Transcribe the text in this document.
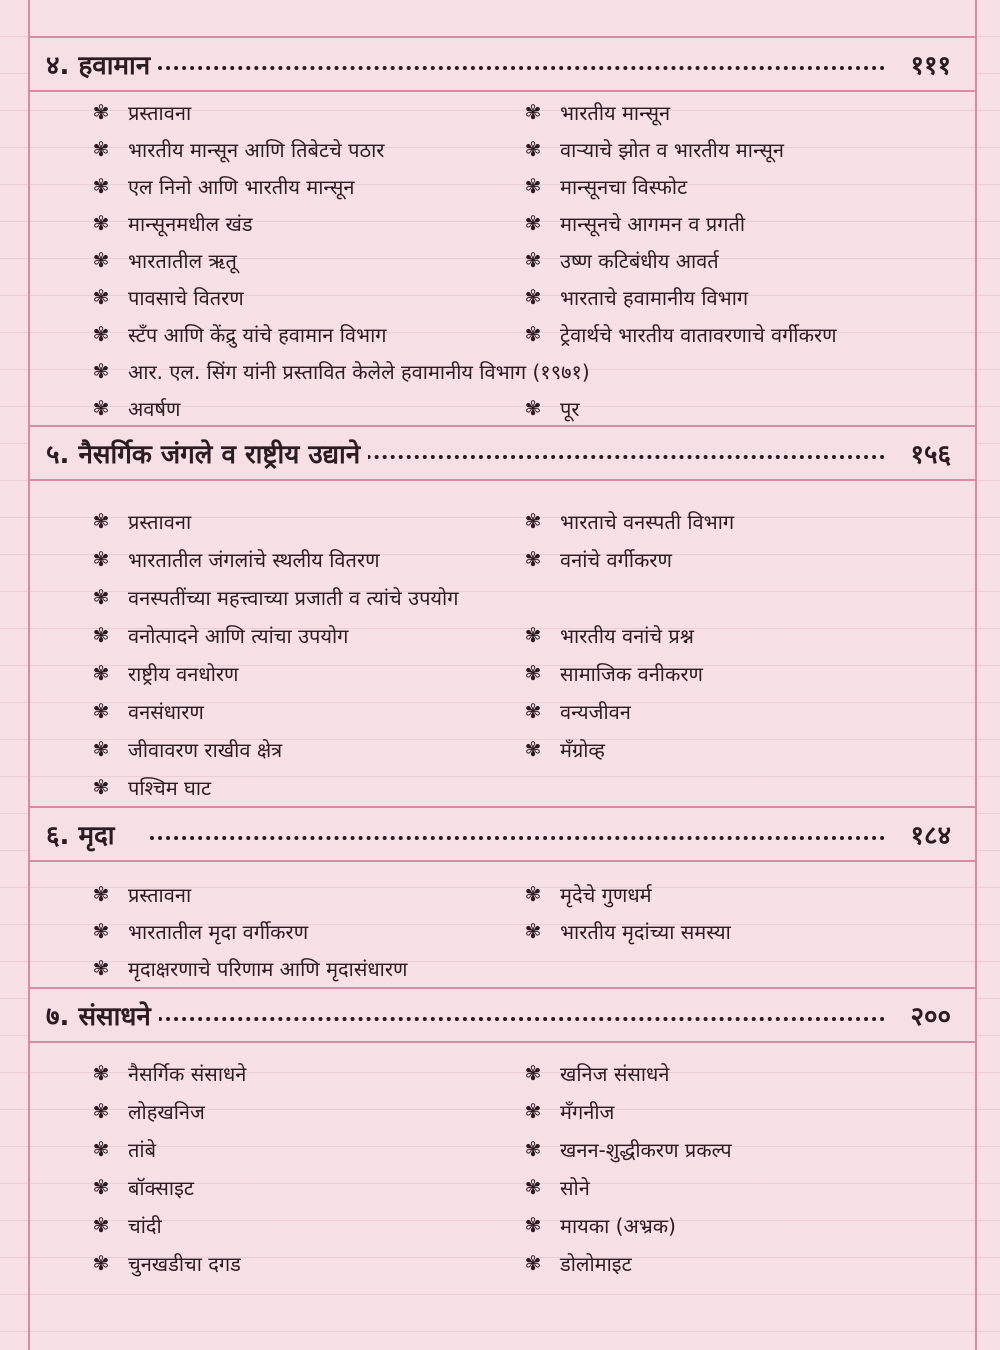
४. हवामान	१११
✾ प्रस्तावना	✾ भारतीय मान्सून
✾ भारतीय मान्सून आणि तिबेटचे पठार	✾ वाऱ्याचे झोत व भारतीय मान्सून
✾ एल निनो आणि भारतीय मान्सून	✾ मान्सूनचा विस्फोट
✾ मान्सूनमधील खंड	✾ मान्सूनचे आगमन व प्रगती
✾ भारतातील ऋतू	✾ उष्ण कटिबंधीय आवर्त
✾ पावसाचे वितरण	✾ भारताचे हवामानीय विभाग
✾ स्टँप आणि केंद्रु यांचे हवामान विभाग	✾ ट्रेवार्थचे भारतीय वातावरणाचे वर्गीकरण
✾ आर. एल. सिंग यांनी प्रस्तावित केलेले हवामानीय विभाग (१९७१)
✾ अवर्षण	✾ पूर
५. नैसर्गिक जंगले व राष्ट्रीय उद्याने	१५६
✾ प्रस्तावना	✾ भारताचे वनस्पती विभाग
✾ भारतातील जंगलांचे स्थलीय वितरण	✾ वनांचे वर्गीकरण
✾ वनस्पतींच्या महत्त्वाच्या प्रजाती व त्यांचे उपयोग
✾ वनोत्पादने आणि त्यांचा उपयोग	✾ भारतीय वनांचे प्रश्न
✾ राष्ट्रीय वनधोरण	✾ सामाजिक वनीकरण
✾ वनसंधारण	✾ वन्यजीवन
✾ जीवावरण राखीव क्षेत्र	✾ मँग्रोव्ह
✾ पश्चिम घाट
६. मृदा	१८४
✾ प्रस्तावना	✾ मृदेचे गुणधर्म
✾ भारतातील मृदा वर्गीकरण	✾ भारतीय मृदांच्या समस्या
✾ मृदाक्षरणाचे परिणाम आणि मृदासंधारण
७. संसाधने	२००
✾ नैसर्गिक संसाधने	✾ खनिज संसाधने
✾ लोहखनिज	✾ मँगनीज
✾ तांबे	✾ खनन-शुद्धीकरण प्रकल्प
✾ बॉक्साइट	✾ सोने
✾ चांदी	✾ मायका (अभ्रक)
✾ चुनखडीचा दगड	✾ डोलोमाइट
